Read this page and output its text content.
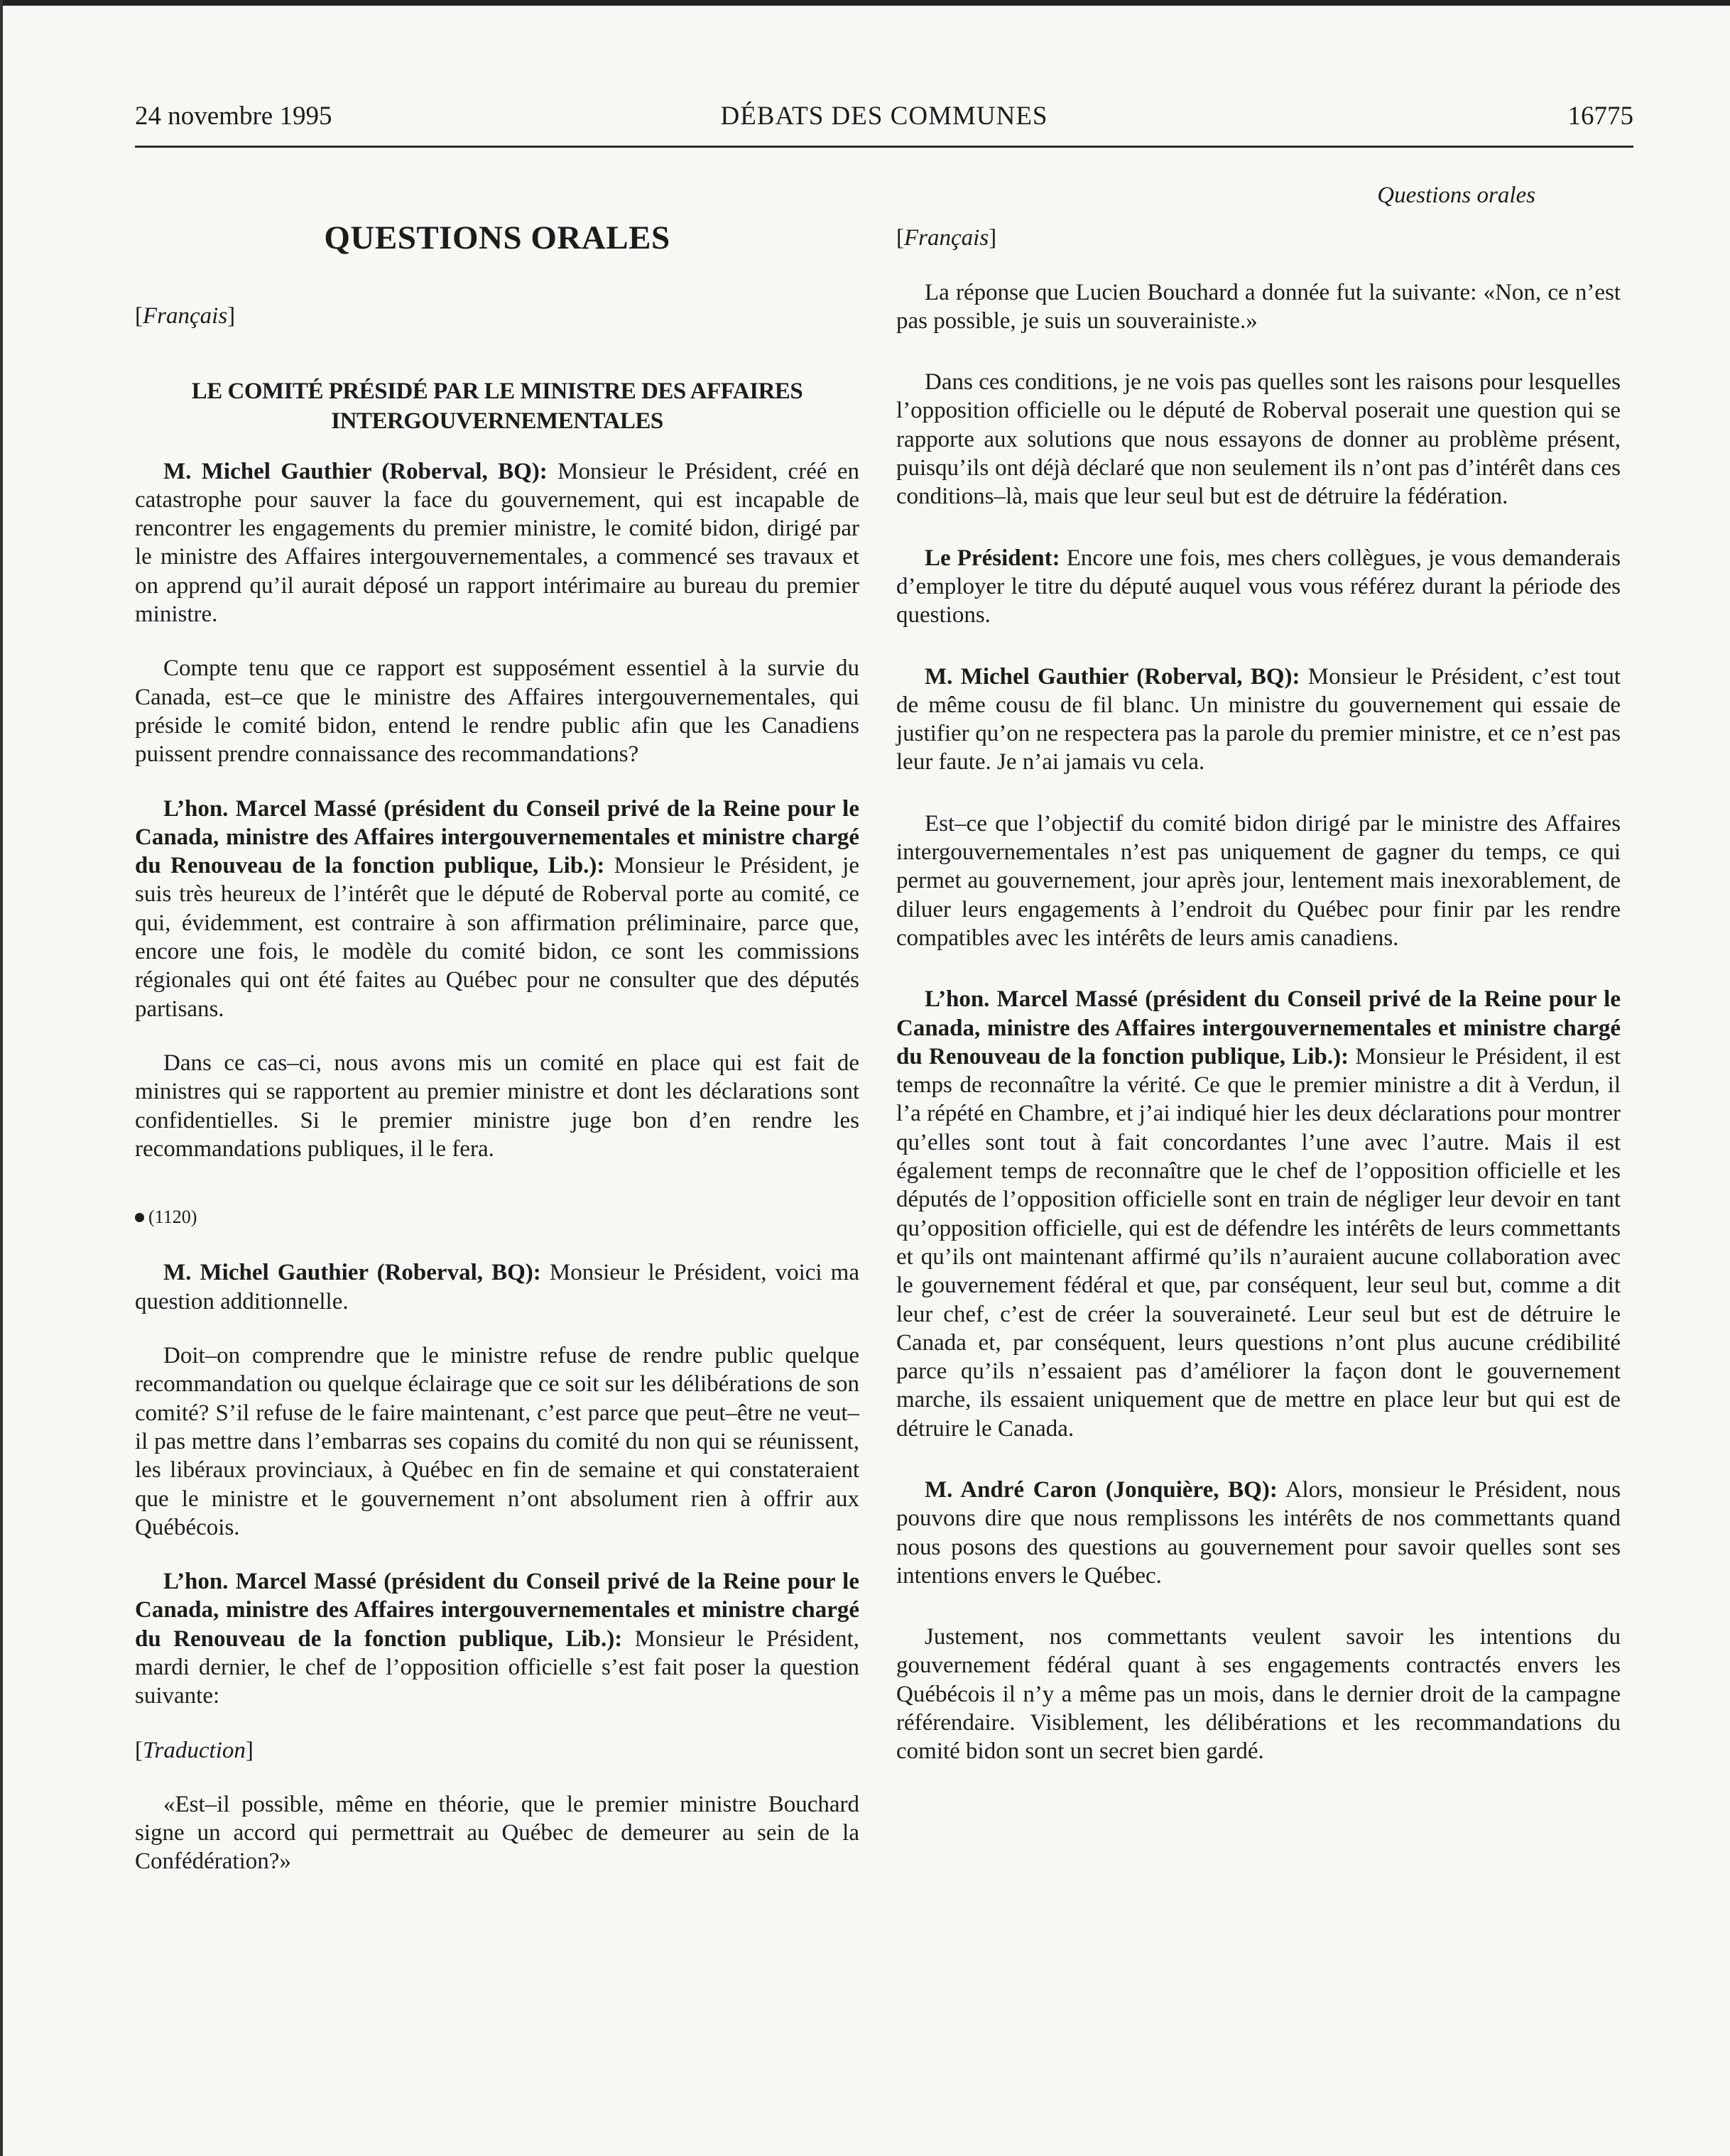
24 novembre 1995	DÉBATS DES COMMUNES	16775

QUESTIONS ORALES

[Français]

LE COMITÉ PRÉSIDÉ PAR LE MINISTRE DES AFFAIRES INTERGOUVERNEMENTALES

M. Michel Gauthier (Roberval, BQ): Monsieur le Président, créé en catastrophe pour sauver la face du gouvernement, qui est incapable de rencontrer les engagements du premier ministre, le comité bidon, dirigé par le ministre des Affaires intergouvernementales, a commencé ses travaux et on apprend qu’il aurait déposé un rapport intérimaire au bureau du premier ministre.

Compte tenu que ce rapport est supposément essentiel à la survie du Canada, est–ce que le ministre des Affaires intergouvernementales, qui préside le comité bidon, entend le rendre public afin que les Canadiens puissent prendre connaissance des recommandations?

L’hon. Marcel Massé (président du Conseil privé de la Reine pour le Canada, ministre des Affaires intergouvernementales et ministre chargé du Renouveau de la fonction publique, Lib.): Monsieur le Président, je suis très heureux de l’intérêt que le député de Roberval porte au comité, ce qui, évidemment, est contraire à son affirmation préliminaire, parce que, encore une fois, le modèle du comité bidon, ce sont les commissions régionales qui ont été faites au Québec pour ne consulter que des députés partisans.

Dans ce cas–ci, nous avons mis un comité en place qui est fait de ministres qui se rapportent au premier ministre et dont les déclarations sont confidentielles. Si le premier ministre juge bon d’en rendre les recommandations publiques, il le fera.

(1120)

M. Michel Gauthier (Roberval, BQ): Monsieur le Président, voici ma question additionnelle.

Doit–on comprendre que le ministre refuse de rendre public quelque recommandation ou quelque éclairage que ce soit sur les délibérations de son comité? S’il refuse de le faire maintenant, c’est parce que peut–être ne veut–il pas mettre dans l’embarras ses copains du comité du non qui se réunissent, les libéraux provinciaux, à Québec en fin de semaine et qui constateraient que le ministre et le gouvernement n’ont absolument rien à offrir aux Québécois.

L’hon. Marcel Massé (président du Conseil privé de la Reine pour le Canada, ministre des Affaires intergouvernementales et ministre chargé du Renouveau de la fonction publique, Lib.): Monsieur le Président, mardi dernier, le chef de l’opposition officielle s’est fait poser la question suivante:

[Traduction]

«Est–il possible, même en théorie, que le premier ministre Bouchard signe un accord qui permettrait au Québec de demeurer au sein de la Confédération?»

Questions orales

[Français]

La réponse que Lucien Bouchard a donnée fut la suivante: «Non, ce n’est pas possible, je suis un souverainiste.»

Dans ces conditions, je ne vois pas quelles sont les raisons pour lesquelles l’opposition officielle ou le député de Roberval poserait une question qui se rapporte aux solutions que nous essayons de donner au problème présent, puisqu’ils ont déjà déclaré que non seulement ils n’ont pas d’intérêt dans ces conditions–là, mais que leur seul but est de détruire la fédération.

Le Président: Encore une fois, mes chers collègues, je vous demanderais d’employer le titre du député auquel vous vous référez durant la période des questions.

M. Michel Gauthier (Roberval, BQ): Monsieur le Président, c’est tout de même cousu de fil blanc. Un ministre du gouvernement qui essaie de justifier qu’on ne respectera pas la parole du premier ministre, et ce n’est pas leur faute. Je n’ai jamais vu cela.

Est–ce que l’objectif du comité bidon dirigé par le ministre des Affaires intergouvernementales n’est pas uniquement de gagner du temps, ce qui permet au gouvernement, jour après jour, lentement mais inexorablement, de diluer leurs engagements à l’endroit du Québec pour finir par les rendre compatibles avec les intérêts de leurs amis canadiens.

L’hon. Marcel Massé (président du Conseil privé de la Reine pour le Canada, ministre des Affaires intergouvernementales et ministre chargé du Renouveau de la fonction publique, Lib.): Monsieur le Président, il est temps de reconnaître la vérité. Ce que le premier ministre a dit à Verdun, il l’a répété en Chambre, et j’ai indiqué hier les deux déclarations pour montrer qu’elles sont tout à fait concordantes l’une avec l’autre. Mais il est également temps de reconnaître que le chef de l’opposition officielle et les députés de l’opposition officielle sont en train de négliger leur devoir en tant qu’opposition officielle, qui est de défendre les intérêts de leurs commettants et qu’ils ont maintenant affirmé qu’ils n’auraient aucune collaboration avec le gouvernement fédéral et que, par conséquent, leur seul but, comme a dit leur chef, c’est de créer la souveraineté. Leur seul but est de détruire le Canada et, par conséquent, leurs questions n’ont plus aucune crédibilité parce qu’ils n’essaient pas d’améliorer la façon dont le gouvernement marche, ils essaient uniquement que de mettre en place leur but qui est de détruire le Canada.

M. André Caron (Jonquière, BQ): Alors, monsieur le Président, nous pouvons dire que nous remplissons les intérêts de nos commettants quand nous posons des questions au gouvernement pour savoir quelles sont ses intentions envers le Québec.

Justement, nos commettants veulent savoir les intentions du gouvernement fédéral quant à ses engagements contractés envers les Québécois il n’y a même pas un mois, dans le dernier droit de la campagne référendaire. Visiblement, les délibérations et les recommandations du comité bidon sont un secret bien gardé.
